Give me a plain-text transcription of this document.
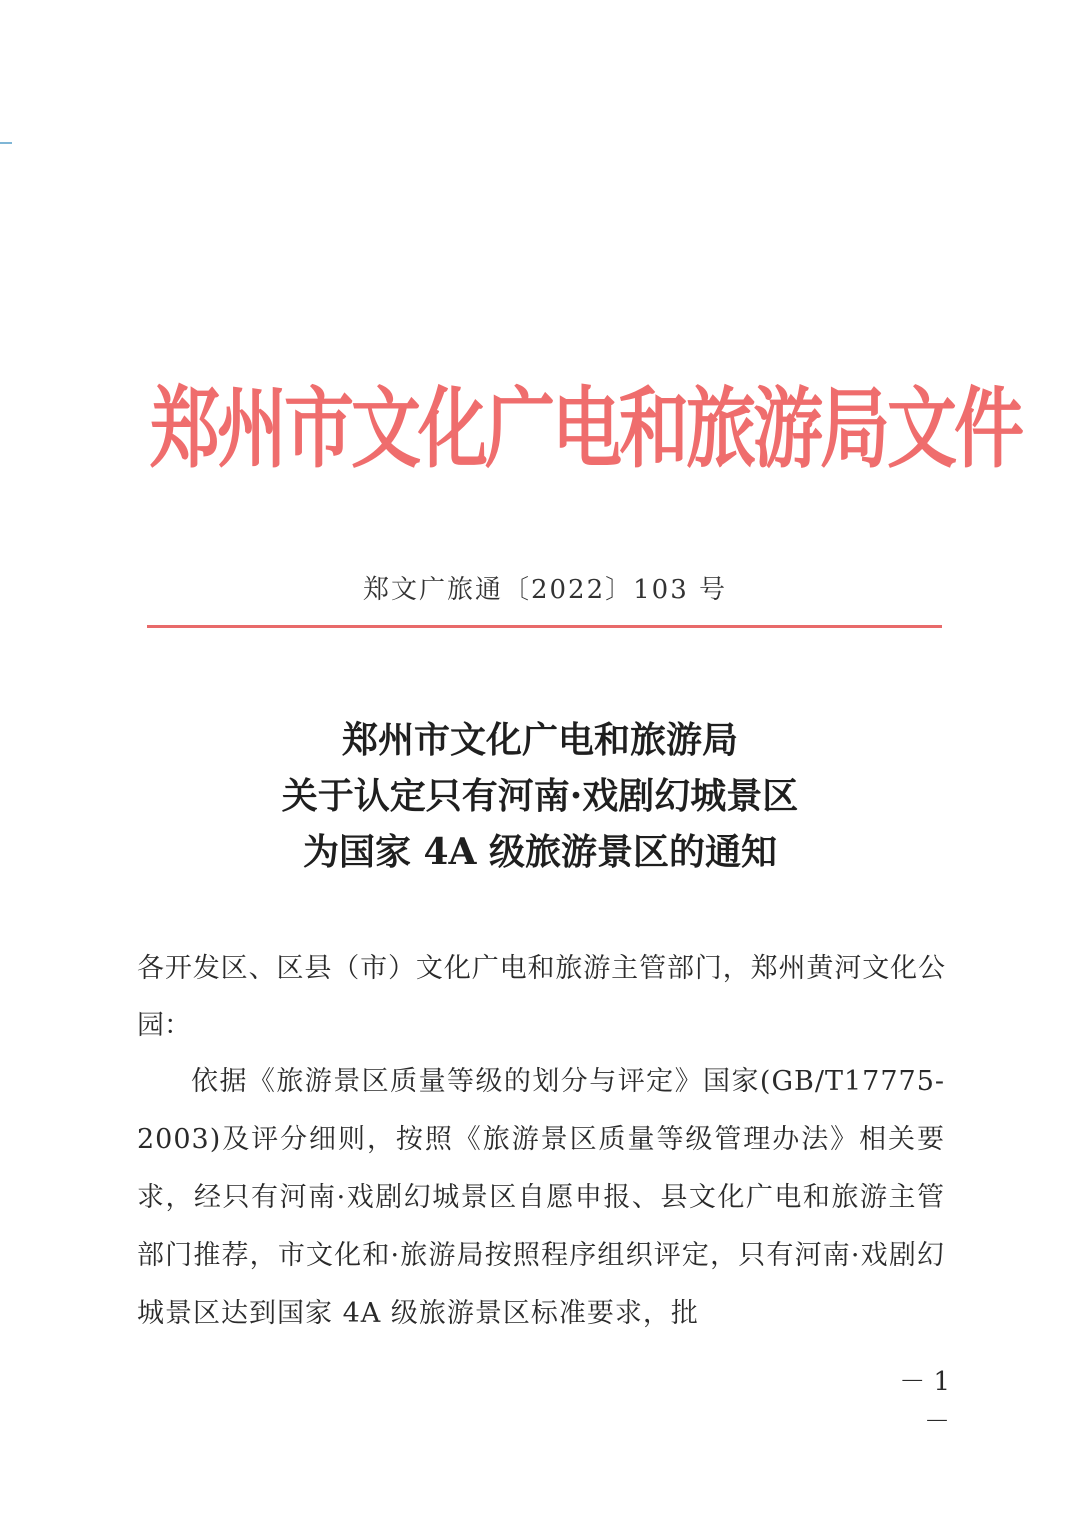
郑州市文化广电和旅游局文件
郑文广旅通〔2022〕103 号
郑州市文化广电和旅游局
关于认定只有河南·戏剧幻城景区
为国家 4A 级旅游景区的通知
各开发区、区县（市）文化广电和旅游主管部门，郑州黄河文化公园：
依据《旅游景区质量等级的划分与评定》国家(GB/T17775-2003)及评分细则，按照《旅游景区质量等级管理办法》相关要求，经只有河南·戏剧幻城景区自愿申报、县文化广电和旅游主管部门推荐，市文化和·旅游局按照程序组织评定，只有河南·戏剧幻城景区达到国家 4A 级旅游景区标准要求，批
－ 1 －
